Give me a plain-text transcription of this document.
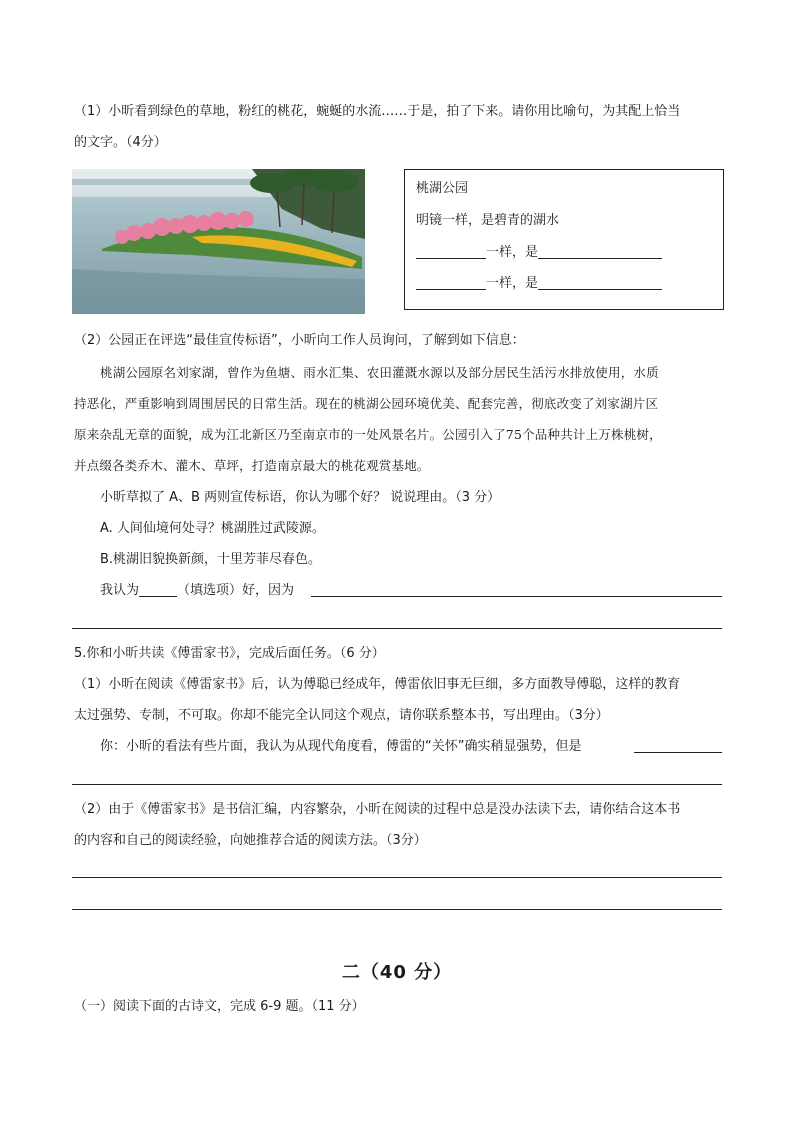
（1）小昕看到绿色的草地，粉红的桃花，蜿蜒的水流……于是，拍了下来。请你用比喻句，为其配上恰当
的文字。（4分）
桃湖公园
明镜一样，是碧青的湖水
一样，是
一样，是
（2）公园正在评选“最佳宣传标语”，小昕向工作人员询问，了解到如下信息：
桃湖公园原名刘家湖，曾作为鱼塘、雨水汇集、农田灌溉水源以及部分居民生活污水排放使用，水质
持恶化，严重影响到周围居民的日常生活。现在的桃湖公园环境优美、配套完善，彻底改变了刘家湖片区
原来杂乱无章的面貌，成为江北新区乃至南京市的一处风景名片。公园引入了75个品种共计上万株桃树，
并点缀各类乔木、灌木、草坪，打造南京最大的桃花观赏基地。
小昕草拟了 A、B 两则宣传标语，你认为哪个好？ 说说理由。（3 分）
A. 人间仙境何处寻？桃湖胜过武陵源。
B.桃湖旧貌换新颜，十里芳菲尽春色。
我认为	（填选项）好，因为
5.你和小昕共读《傅雷家书》，完成后面任务。（6 分）
（1）小昕在阅读《傅雷家书》后，认为傅聪已经成年，傅雷依旧事无巨细，多方面教导傅聪，这样的教育
太过强势、专制，不可取。你却不能完全认同这个观点，请你联系整本书，写出理由。（3分）
你：小昕的看法有些片面，我认为从现代角度看，傅雷的“关怀”确实稍显强势，但是
（2）由于《傅雷家书》是书信汇编，内容繁杂，小昕在阅读的过程中总是没办法读下去，请你结合这本书
的内容和自己的阅读经验，向她推荐合适的阅读方法。（3分）
二（40 分）
（一）阅读下面的古诗文，完成 6-9 题。（11 分）
